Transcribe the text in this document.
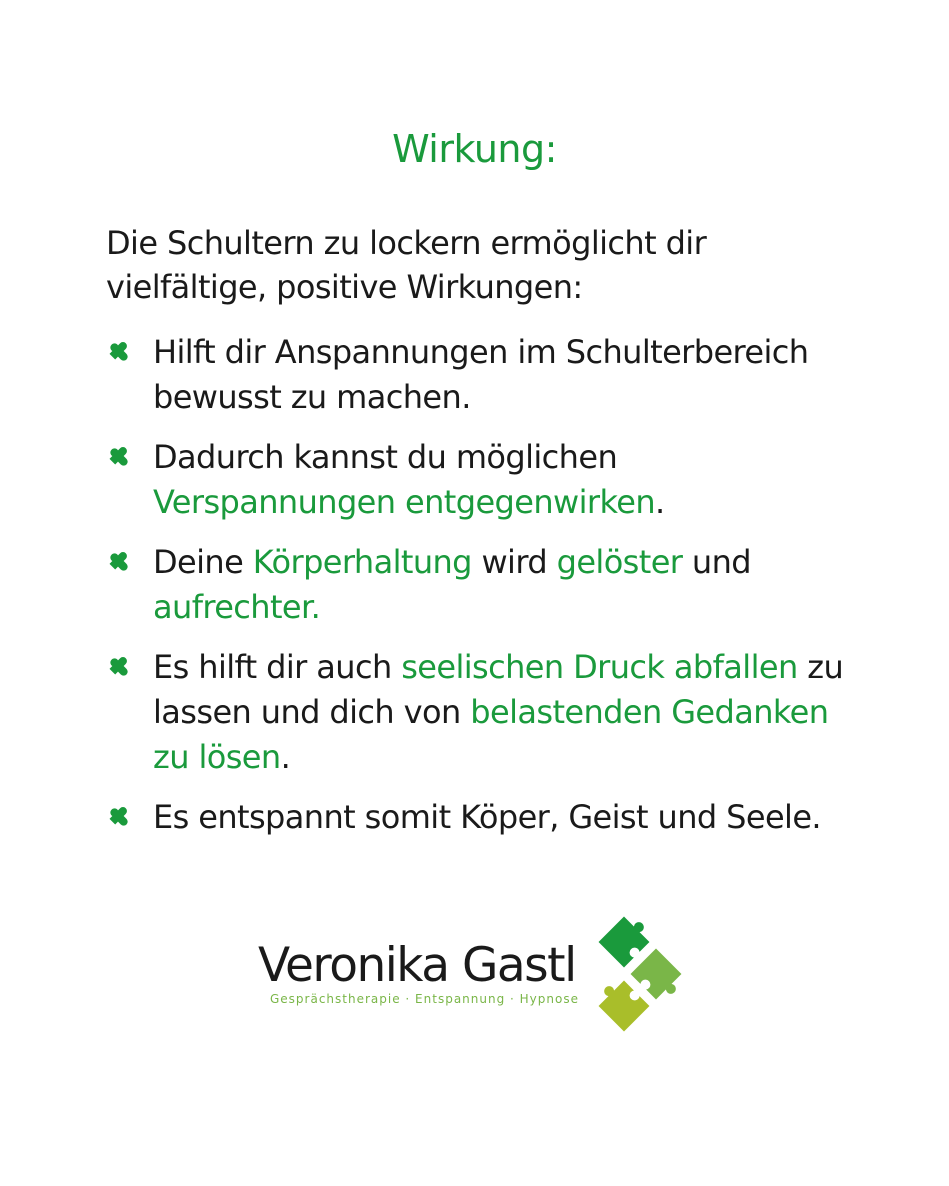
Wirkung:

Die Schultern zu lockern ermöglicht dir vielfältige, positive Wirkungen:

Hilft dir Anspannungen im Schulterbereich bewusst zu machen.
Dadurch kannst du möglichen Verspannungen entgegenwirken.
Deine Körperhaltung wird gelöster und aufrechter.
Es hilft dir auch seelischen Druck abfallen zu lassen und dich von belastenden Gedanken zu lösen.
Es entspannt somit Köper, Geist und Seele.
Veronika Gastl
Gesprächstherapie · Entspannung · Hypnose
